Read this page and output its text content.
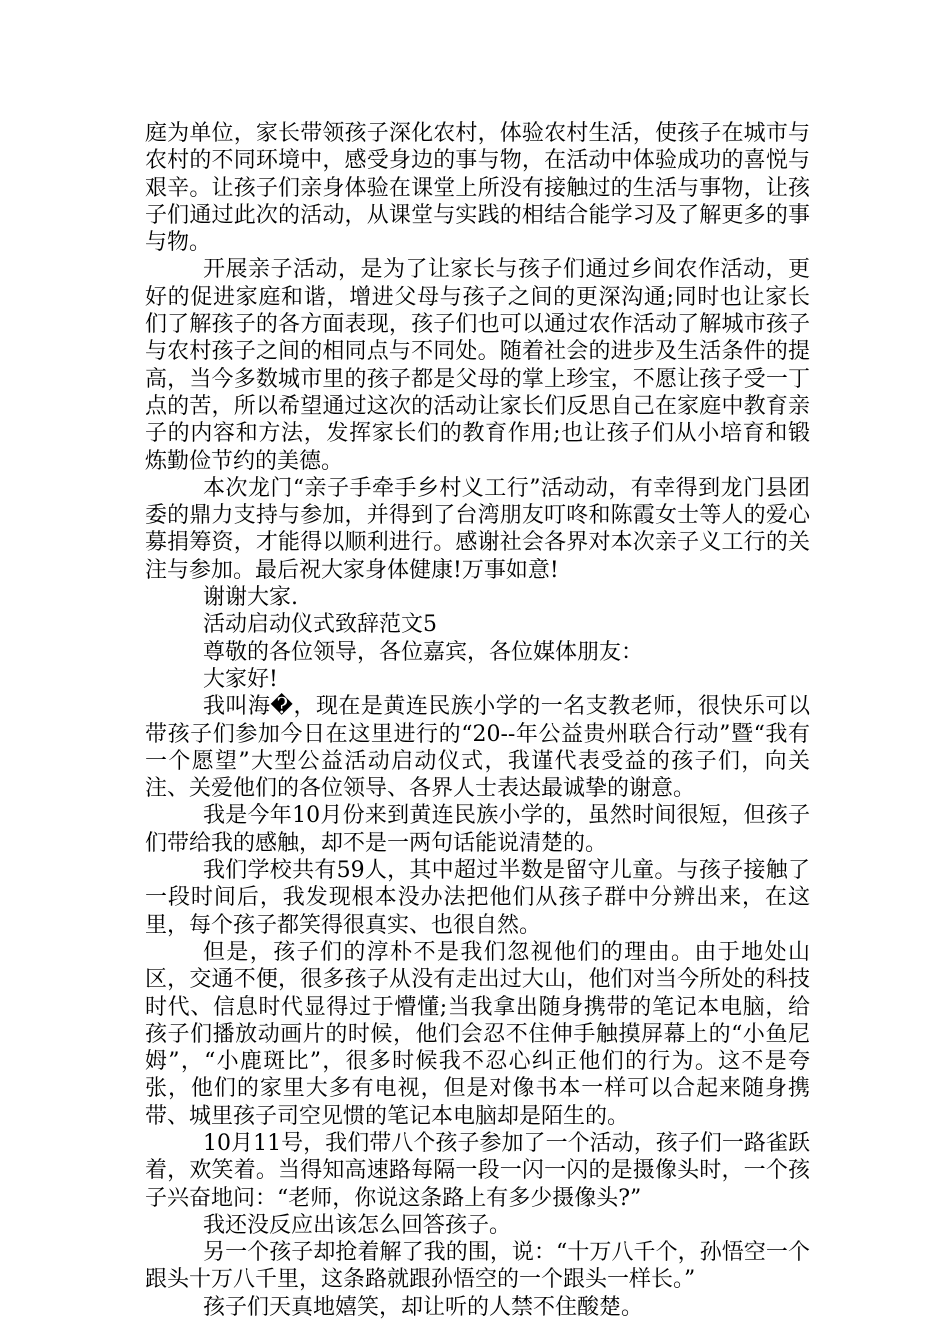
庭为单位，家长带领孩子深化农村，体验农村生活，使孩子在城市与农村的不同环境中，感受身边的事与物，在活动中体验成功的喜悦与艰辛。让孩子们亲身体验在课堂上所没有接触过的生活与事物，让孩子们通过此次的活动，从课堂与实践的相结合能学习及了解更多的事与物。

开展亲子活动，是为了让家长与孩子们通过乡间农作活动，更好的促进家庭和谐，增进父母与孩子之间的更深沟通;同时也让家长们了解孩子的各方面表现，孩子们也可以通过农作活动了解城市孩子与农村孩子之间的相同点与不同处。随着社会的进步及生活条件的提高，当今多数城市里的孩子都是父母的掌上珍宝，不愿让孩子受一丁点的苦，所以希望通过这次的活动让家长们反思自己在家庭中教育亲子的内容和方法，发挥家长们的教育作用;也让孩子们从小培育和锻炼勤俭节约的美德。

本次龙门“亲子手牵手乡村义工行”活动动，有幸得到龙门县团委的鼎力支持与参加，并得到了台湾朋友叮咚和陈霞女士等人的爱心募捐筹资，才能得以顺利进行。感谢社会各界对本次亲子义工行的关注与参加。最后祝大家身体健康!万事如意!

谢谢大家.

活动启动仪式致辞范文5

尊敬的各位领导，各位嘉宾，各位媒体朋友：

大家好!

我叫海�，现在是黄连民族小学的一名支教老师，很快乐可以带孩子们参加今日在这里进行的“20--年公益贵州联合行动”暨“我有一个愿望”大型公益活动启动仪式，我谨代表受益的孩子们，向关注、关爱他们的各位领导、各界人士表达最诚挚的谢意。

我是今年10月份来到黄连民族小学的，虽然时间很短，但孩子们带给我的感触，却不是一两句话能说清楚的。

我们学校共有59人，其中超过半数是留守儿童。与孩子接触了一段时间后，我发现根本没办法把他们从孩子群中分辨出来，在这里，每个孩子都笑得很真实、也很自然。

但是，孩子们的淳朴不是我们忽视他们的理由。由于地处山区，交通不便，很多孩子从没有走出过大山，他们对当今所处的科技时代、信息时代显得过于懵懂;当我拿出随身携带的笔记本电脑，给孩子们播放动画片的时候，他们会忍不住伸手触摸屏幕上的“小鱼尼姆”，“小鹿斑比”，很多时候我不忍心纠正他们的行为。这不是夸张，他们的家里大多有电视，但是对像书本一样可以合起来随身携带、城里孩子司空见惯的笔记本电脑却是陌生的。

10月11号，我们带八个孩子参加了一个活动，孩子们一路雀跃着，欢笑着。当得知高速路每隔一段一闪一闪的是摄像头时，一个孩子兴奋地问：“老师，你说这条路上有多少摄像头?”

我还没反应出该怎么回答孩子。

另一个孩子却抢着解了我的围，说：“十万八千个，孙悟空一个跟头十万八千里，这条路就跟孙悟空的一个跟头一样长。”

孩子们天真地嬉笑，却让听的人禁不住酸楚。
